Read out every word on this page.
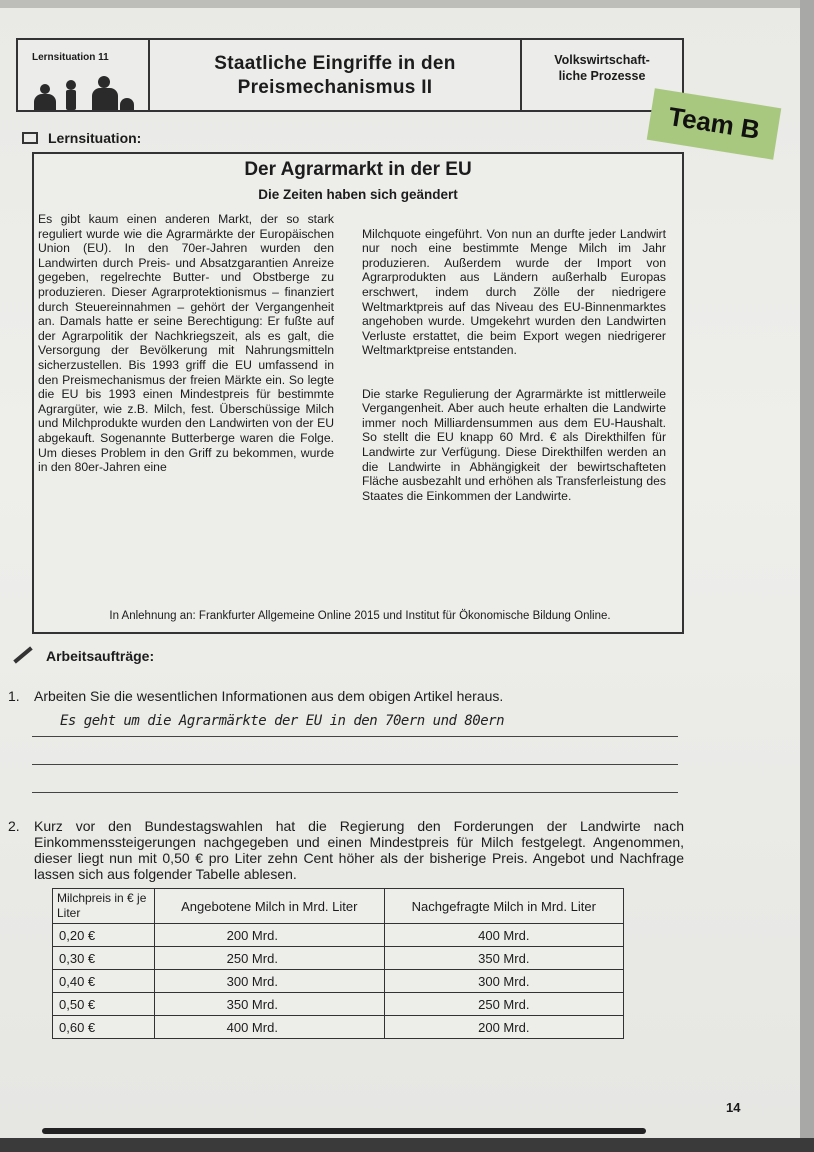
Lernsituation 11	Staatliche Eingriffe in den
Preismechanismus II
Volkswirtschaft-
liche Prozesse
Team B
Lernsituation:
Der Agrarmarkt in der EU
Die Zeiten haben sich geändert
Es gibt kaum einen anderen Markt, der so stark reguliert wurde wie die Agrarmärkte der Europäischen Union (EU). In den 70er-Jahren wurden den Landwirten durch Preis- und Absatzgarantien Anreize gegeben, regelrechte Butter- und Obstberge zu produzieren. Dieser Agrarprotektionismus – finanziert durch Steuereinnahmen – gehört der Vergangenheit an. Damals hatte er seine Berechtigung: Er fußte auf der Agrarpolitik der Nachkriegszeit, als es galt, die Versorgung der Bevölkerung mit Nahrungsmitteln sicherzustellen. Bis 1993 griff die EU umfassend in den Preismechanismus der freien Märkte ein. So legte die EU bis 1993 einen Mindestpreis für bestimmte Agrargüter, wie z.B. Milch, fest. Überschüssige Milch und Milchprodukte wurden den Landwirten von der EU abgekauft. Sogenannte Butterberge waren die Folge. Um dieses Problem in den Griff zu bekommen, wurde in den 80er-Jahren eine

Milchquote eingeführt. Von nun an durfte jeder Landwirt nur noch eine bestimmte Menge Milch im Jahr produzieren. Außerdem wurde der Import von Agrarprodukten aus Ländern außerhalb Europas erschwert, indem durch Zölle der niedrigere Weltmarktpreis auf das Niveau des EU-Binnenmarktes angehoben wurde. Umgekehrt wurden den Landwirten Verluste erstattet, die beim Export wegen niedrigerer Weltmarktpreise entstanden.

Die starke Regulierung der Agrarmärkte ist mittlerweile Vergangenheit. Aber auch heute erhalten die Landwirte immer noch Milliardensummen aus dem EU-Haushalt. So stellt die EU knapp 60 Mrd. € als Direkthilfen für Landwirte zur Verfügung. Diese Direkthilfen werden an die Landwirte in Abhängigkeit der bewirtschafteten Fläche ausbezahlt und erhöhen als Transferleistung des Staates die Einkommen der Landwirte.

In Anlehnung an: Frankfurter Allgemeine Online 2015 und Institut für Ökonomische Bildung Online.
Arbeitsaufträge:
1. Arbeiten Sie die wesentlichen Informationen aus dem obigen Artikel heraus.
Es geht um die Agrarmärkte der EU in den 70ern und 80ern
2.	Kurz vor den Bundestagswahlen hat die Regierung den Forderungen der Landwirte nach Einkommenssteigerungen nachgegeben und einen Mindestpreis für Milch festgelegt. Angenommen, dieser liegt nun mit 0,50 € pro Liter zehn Cent höher als der bisherige Preis. Angebot und Nachfrage lassen sich aus folgender Tabelle ablesen.
Milchpreis in € je Liter	Angebotene Milch in Mrd. Liter	Nachgefragte Milch in Mrd. Liter
0,20 €	200 Mrd.	400 Mrd.
0,30 €	250 Mrd.	350 Mrd.
0,40 €	300 Mrd.	300 Mrd.
0,50 €	350 Mrd.	250 Mrd.
0,60 €	400 Mrd.	200 Mrd.
14
